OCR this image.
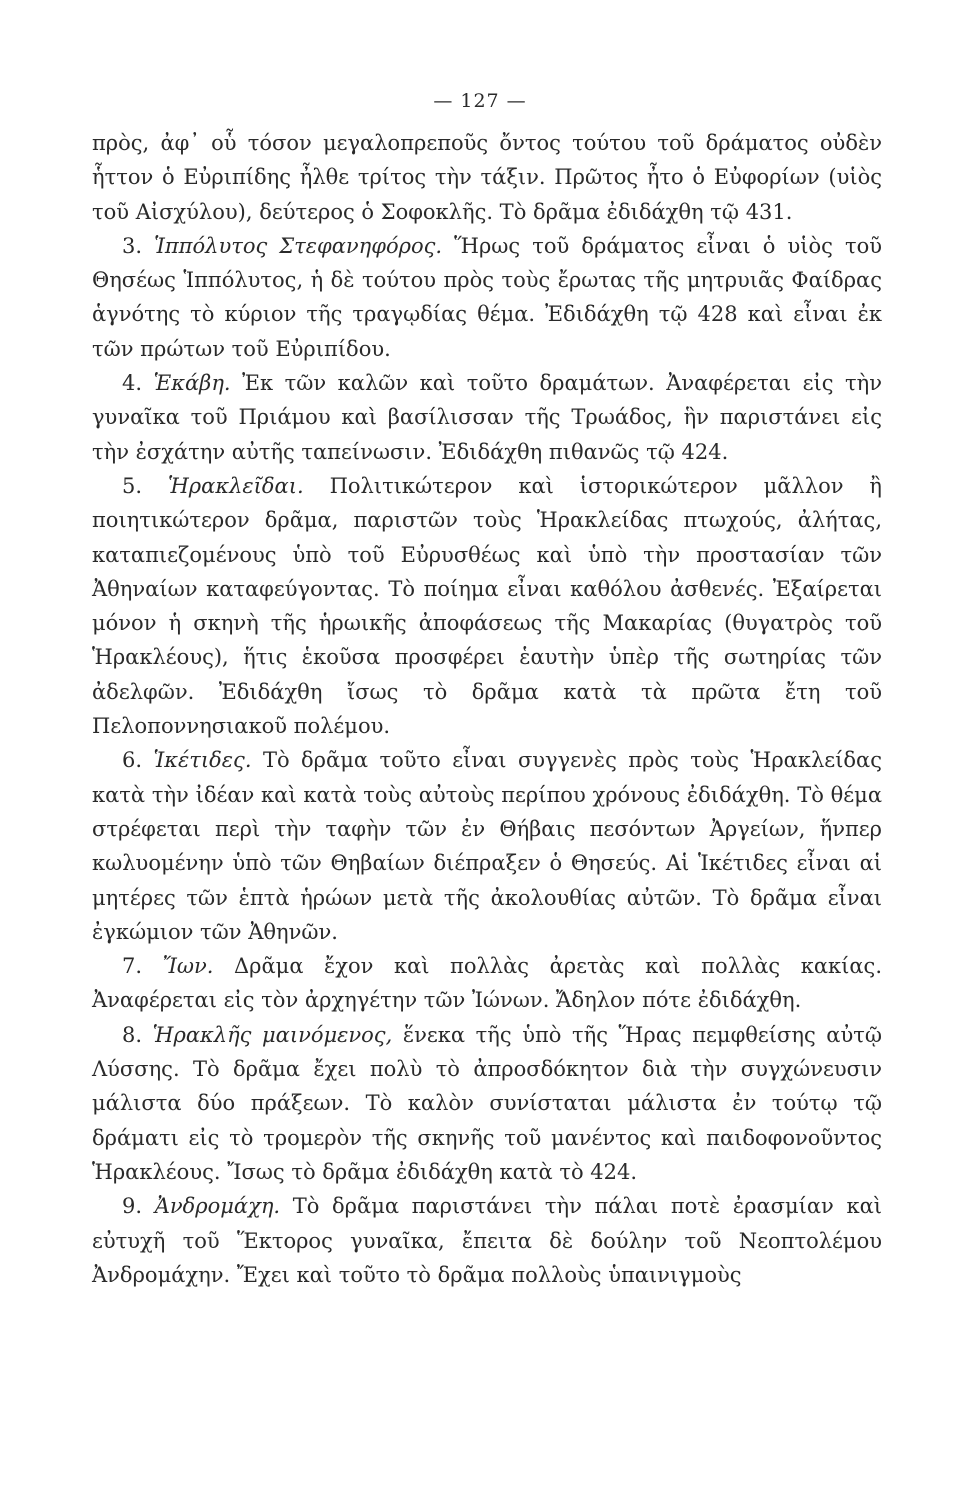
— 127 —

πρὸς, ἀφ᾽ οὗ τόσον μεγαλοπρεποῦς ὄντος τούτου τοῦ δράματος οὐδὲν ἧττον ὁ Εὐριπίδης ἦλθε τρίτος τὴν τάξιν. Πρῶτος ἦτο ὁ Εὐφορίων (υἱὸς τοῦ Αἰσχύλου), δεύτερος ὁ Σοφοκλῆς. Τὸ δρᾶμα ἐδιδάχθη τῷ 431.

3. Ἱππόλυτος Στεφανηφόρος. Ἥρως τοῦ δράματος εἶναι ὁ υἱὸς τοῦ Θησέως Ἱππόλυτος, ἡ δὲ τούτου πρὸς τοὺς ἔρωτας τῆς μητρυιᾶς Φαίδρας ἁγνότης τὸ κύριον τῆς τραγῳδίας θέμα. Ἐδιδάχθη τῷ 428 καὶ εἶναι ἐκ τῶν πρώτων τοῦ Εὐριπίδου.

4. Ἑκάβη. Ἐκ τῶν καλῶν καὶ τοῦτο δραμάτων. Ἀναφέρεται εἰς τὴν γυναῖκα τοῦ Πριάμου καὶ βασίλισσαν τῆς Τρωάδος, ἣν παριστάνει εἰς τὴν ἐσχάτην αὐτῆς ταπείνωσιν. Ἐδιδάχθη πιθανῶς τῷ 424.

5. Ἡρακλεῖδαι. Πολιτικώτερον καὶ ἱστορικώτερον μᾶλλον ἢ ποιητικώτερον δρᾶμα, παριστῶν τοὺς Ἡρακλείδας πτωχούς, ἀλήτας, καταπιεζομένους ὑπὸ τοῦ Εὐρυσθέως καὶ ὑπὸ τὴν προστασίαν τῶν Ἀθηναίων καταφεύγοντας. Τὸ ποίημα εἶναι καθόλου ἀσθενές. Ἐξαίρεται μόνον ἡ σκηνὴ τῆς ἡρωικῆς ἀποφάσεως τῆς Μακαρίας (θυγατρὸς τοῦ Ἡρακλέους), ἥτις ἑκοῦσα προσφέρει ἑαυτὴν ὑπὲρ τῆς σωτηρίας τῶν ἀδελφῶν. Ἐδιδάχθη ἴσως τὸ δρᾶμα κατὰ τὰ πρῶτα ἔτη τοῦ Πελοποννησιακοῦ πολέμου.

6. Ἱκέτιδες. Τὸ δρᾶμα τοῦτο εἶναι συγγενὲς πρὸς τοὺς Ἡρακλείδας κατὰ τὴν ἰδέαν καὶ κατὰ τοὺς αὐτοὺς περίπου χρόνους ἐδιδάχθη. Τὸ θέμα στρέφεται περὶ τὴν ταφὴν τῶν ἐν Θήβαις πεσόντων Ἀργείων, ἥνπερ κωλυομένην ὑπὸ τῶν Θηβαίων διέπραξεν ὁ Θησεύς. Αἱ Ἱκέτιδες εἶναι αἱ μητέρες τῶν ἑπτὰ ἡρώων μετὰ τῆς ἀκολουθίας αὐτῶν. Τὸ δρᾶμα εἶναι ἐγκώμιον τῶν Ἀθηνῶν.

7. Ἴων. Δρᾶμα ἔχον καὶ πολλὰς ἀρετὰς καὶ πολλὰς κακίας. Ἀναφέρεται εἰς τὸν ἀρχηγέτην τῶν Ἰώνων. Ἄδηλον πότε ἐδιδάχθη.

8. Ἡρακλῆς μαινόμενος, ἕνεκα τῆς ὑπὸ τῆς Ἥρας πεμφθείσης αὐτῷ Λύσσης. Τὸ δρᾶμα ἔχει πολὺ τὸ ἀπροσδόκητον διὰ τὴν συγχώνευσιν μάλιστα δύο πράξεων. Τὸ καλὸν συνίσταται μάλιστα ἐν τούτῳ τῷ δράματι εἰς τὸ τρομερὸν τῆς σκηνῆς τοῦ μανέντος καὶ παιδοφονοῦντος Ἡρακλέους. Ἴσως τὸ δρᾶμα ἐδιδάχθη κατὰ τὸ 424.

9. Ἀνδρομάχη. Τὸ δρᾶμα παριστάνει τὴν πάλαι ποτὲ ἐρασμίαν καὶ εὐτυχῆ τοῦ Ἕκτορος γυναῖκα, ἔπειτα δὲ δούλην τοῦ Νεοπτολέμου Ἀνδρομάχην. Ἔχει καὶ τοῦτο τὸ δρᾶμα πολλοὺς ὑπαινιγμοὺς
